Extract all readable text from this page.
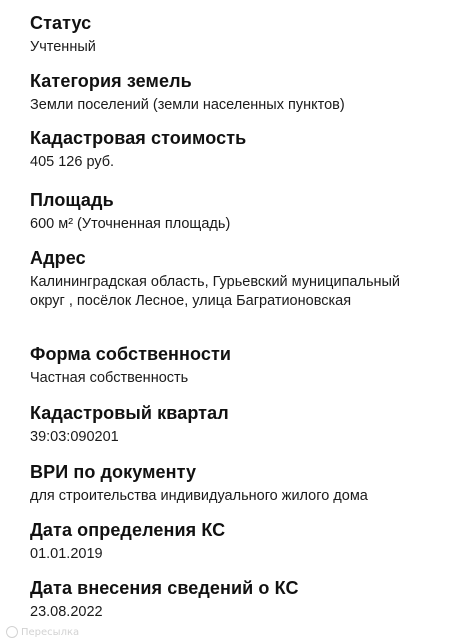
Статус
Учтенный
Категория земель
Земли поселений (земли населенных пунктов)
Кадастровая стоимость
405 126 руб.
Площадь
600 м² (Уточненная площадь)
Адрес
Калининградская область, Гурьевский муниципальный округ , посёлок Лесное, улица Багратионовская
Форма собственности
Частная собственность
Кадастровый квартал
39:03:090201
ВРИ по документу
для строительства индивидуального жилого дома
Дата определения КС
01.01.2019
Дата внесения сведений о КС
23.08.2022
Пересылка
